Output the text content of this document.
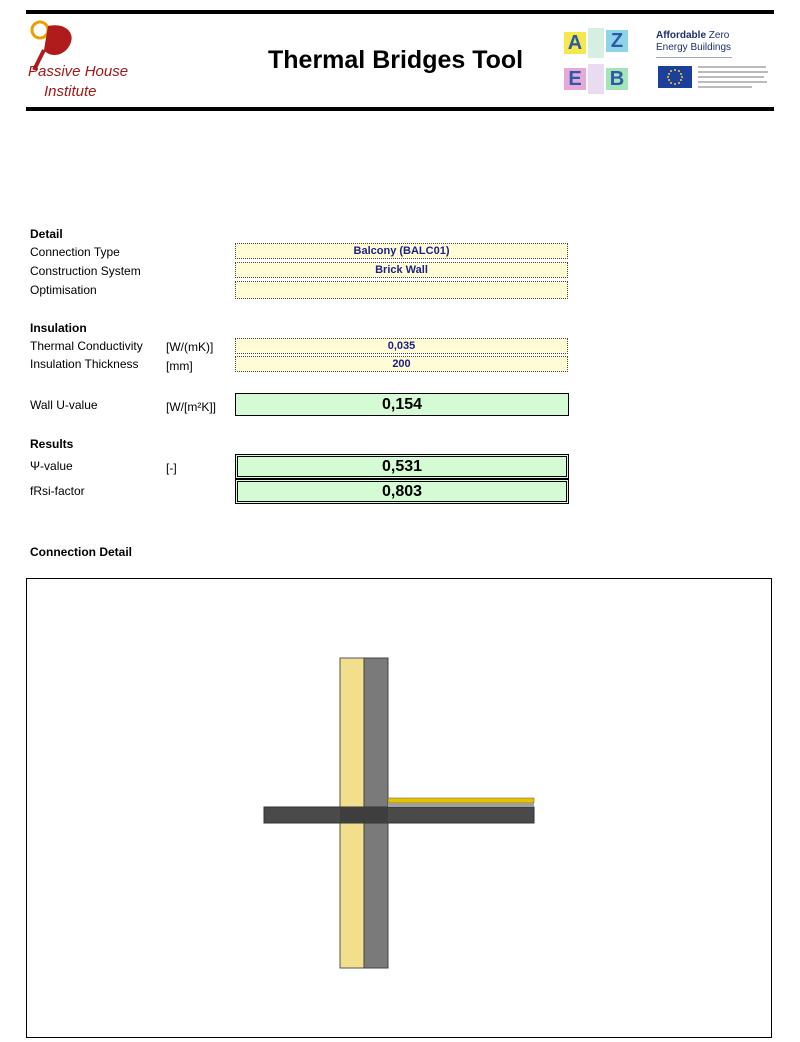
Passive House
Institute
Thermal Bridges Tool
A Z
E B
Affordable Zero
Energy Buildings
Detail
Connection Type	Balcony (BALC01)
Construction System	Brick Wall
Optimisation
Insulation
Thermal Conductivity [W/(mK)]	0,035
Insulation Thickness [mm]	200
Wall U-value	[W/[m²K]]	0,154
Results
Ψ-value	[-]	0,531
fRsi-factor	0,803
Connection Detail
